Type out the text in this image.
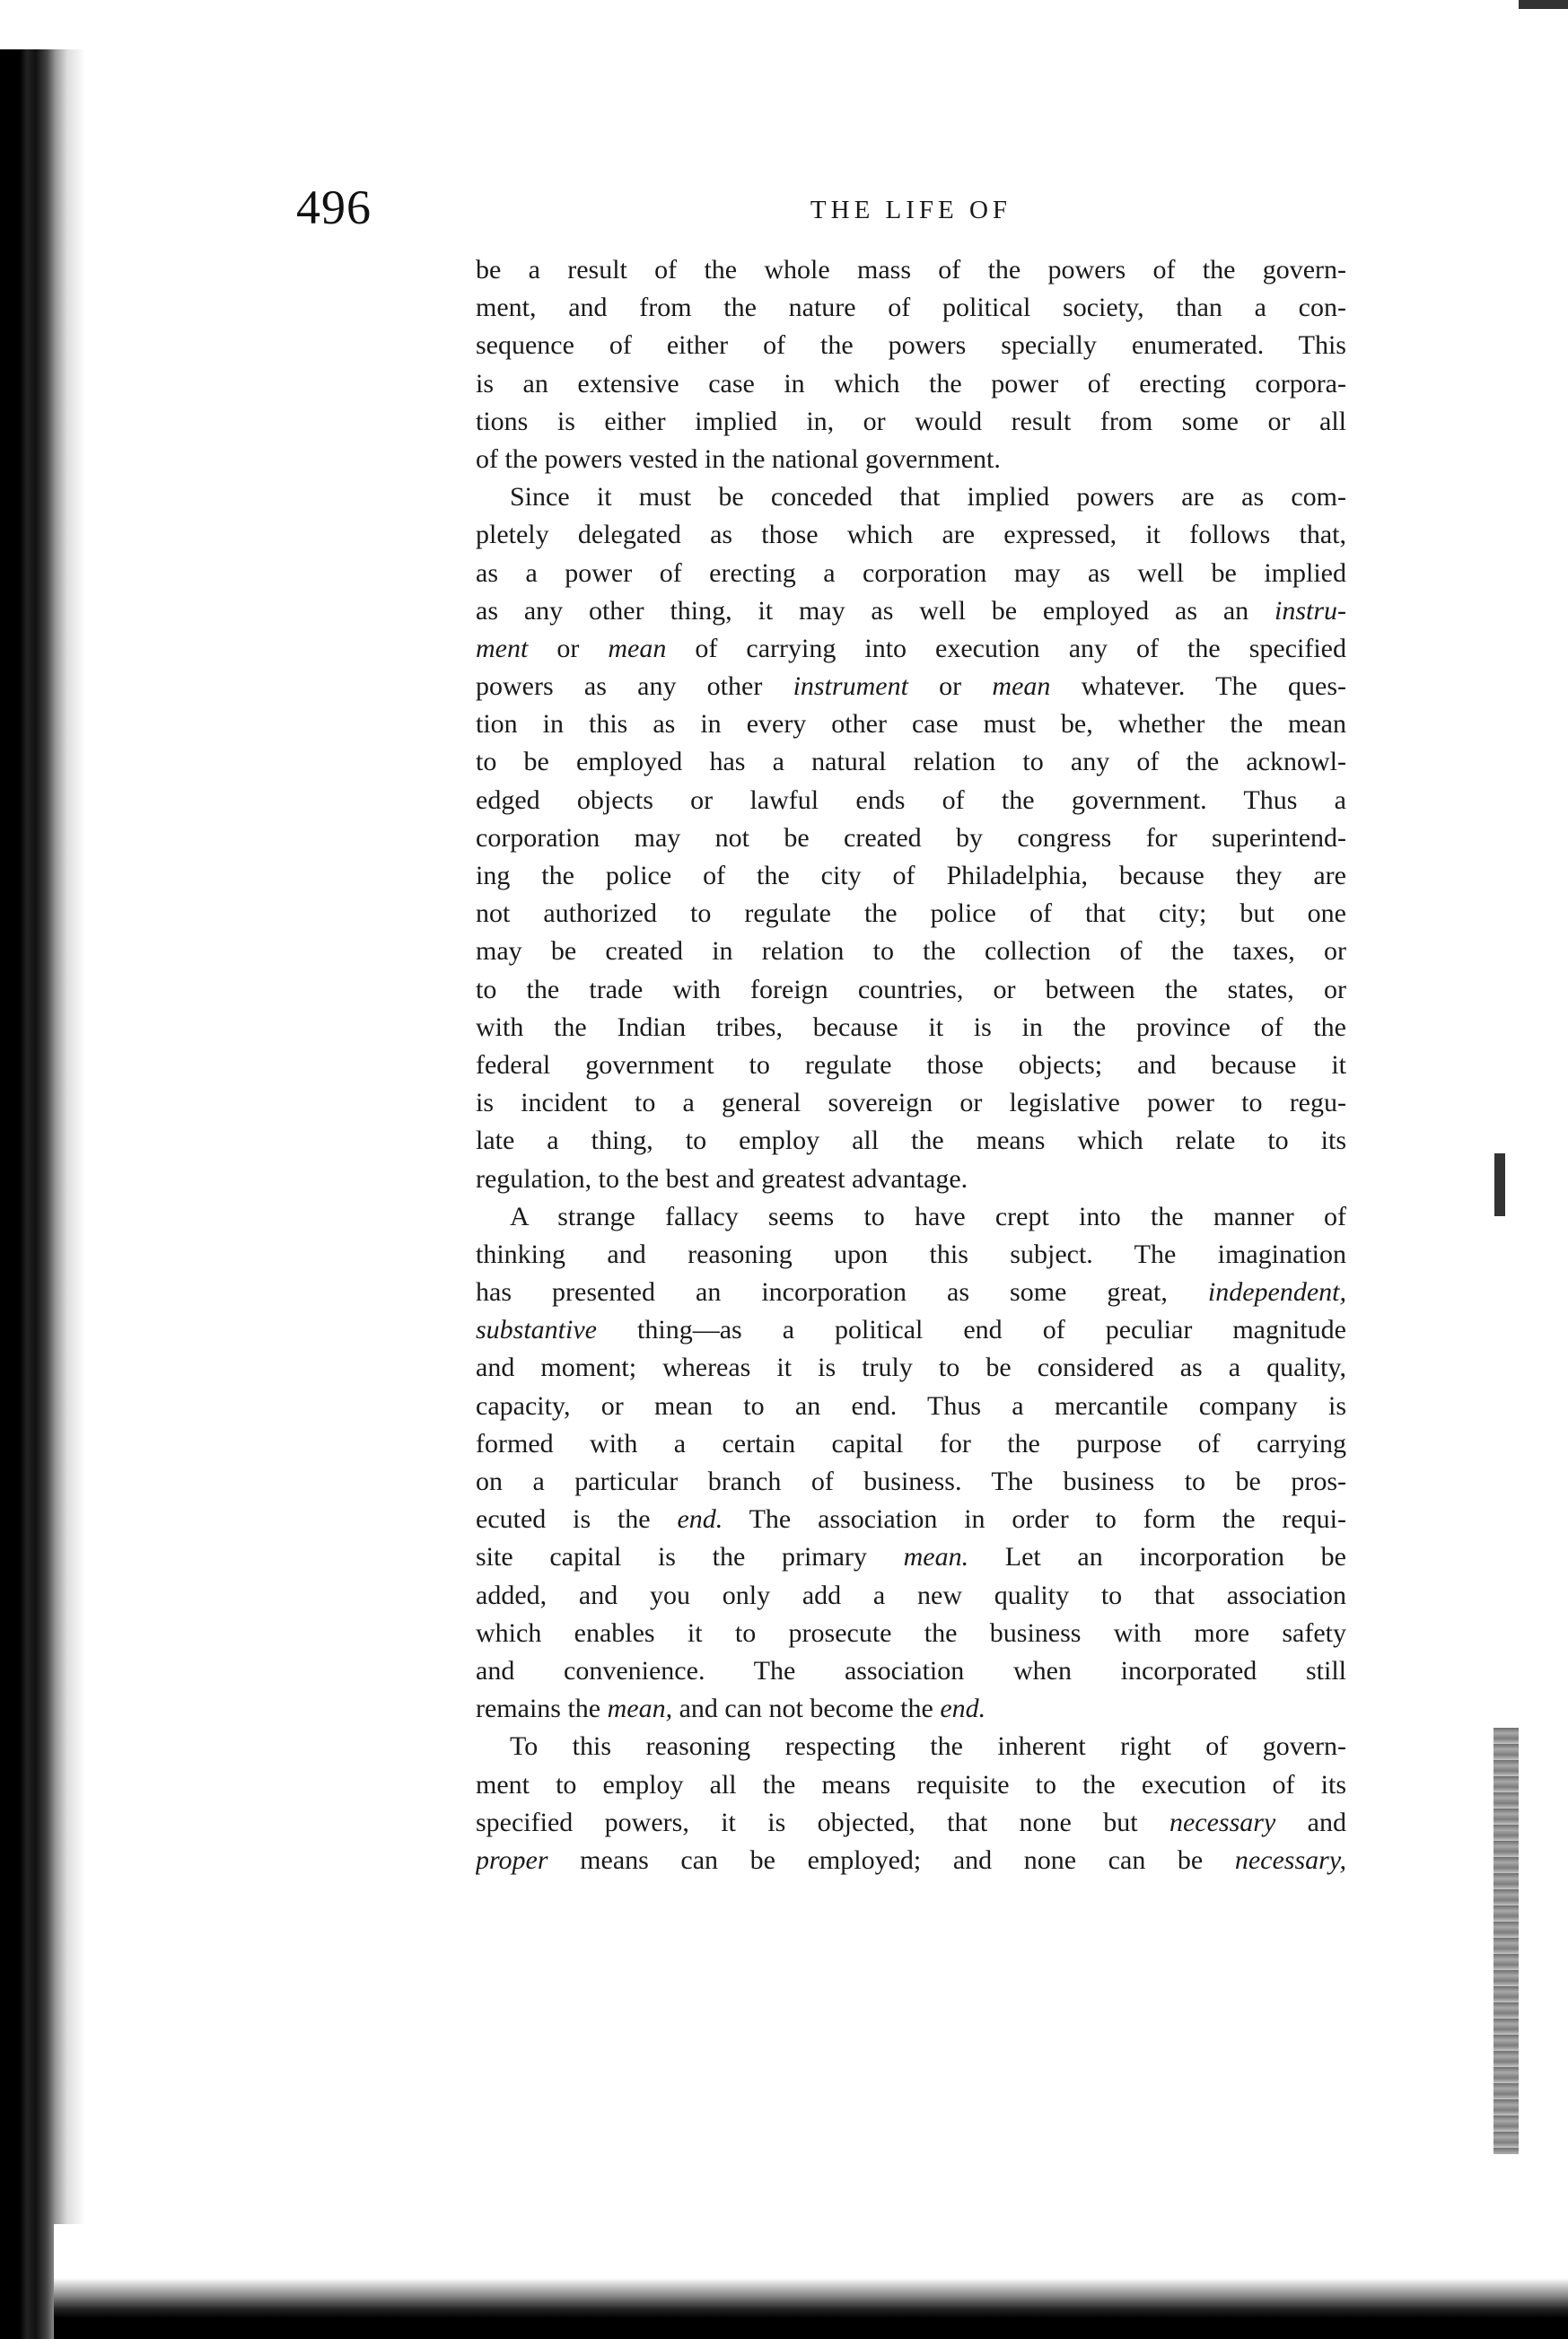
496	THE LIFE OF
be a result of the whole mass of the powers of the govern-
ment, and from the nature of political society, than a con-
sequence of either of the powers specially enumerated. This
is an extensive case in which the power of erecting corpora-
tions is either implied in, or would result from some or all
of the powers vested in the national government.
Since it must be conceded that implied powers are as com-
pletely delegated as those which are expressed, it follows that,
as a power of erecting a corporation may as well be implied
as any other thing, it may as well be employed as an instru-
ment or mean of carrying into execution any of the specified
powers as any other instrument or mean whatever. The ques-
tion in this as in every other case must be, whether the mean
to be employed has a natural relation to any of the acknowl-
edged objects or lawful ends of the government. Thus a
corporation may not be created by congress for superintend-
ing the police of the city of Philadelphia, because they are
not authorized to regulate the police of that city; but one
may be created in relation to the collection of the taxes, or
to the trade with foreign countries, or between the states, or
with the Indian tribes, because it is in the province of the
federal government to regulate those objects; and because it
is incident to a general sovereign or legislative power to regu-
late a thing, to employ all the means which relate to its
regulation, to the best and greatest advantage.
A strange fallacy seems to have crept into the manner of
thinking and reasoning upon this subject. The imagination
has presented an incorporation as some great, independent,
substantive thing—as a political end of peculiar magnitude
and moment; whereas it is truly to be considered as a quality,
capacity, or mean to an end. Thus a mercantile company is
formed with a certain capital for the purpose of carrying
on a particular branch of business. The business to be pros-
ecuted is the end. The association in order to form the requi-
site capital is the primary mean. Let an incorporation be
added, and you only add a new quality to that association
which enables it to prosecute the business with more safety
and convenience. The association when incorporated still
remains the mean, and can not become the end.
To this reasoning respecting the inherent right of govern-
ment to employ all the means requisite to the execution of its
specified powers, it is objected, that none but necessary and
proper means can be employed; and none can be necessary,
